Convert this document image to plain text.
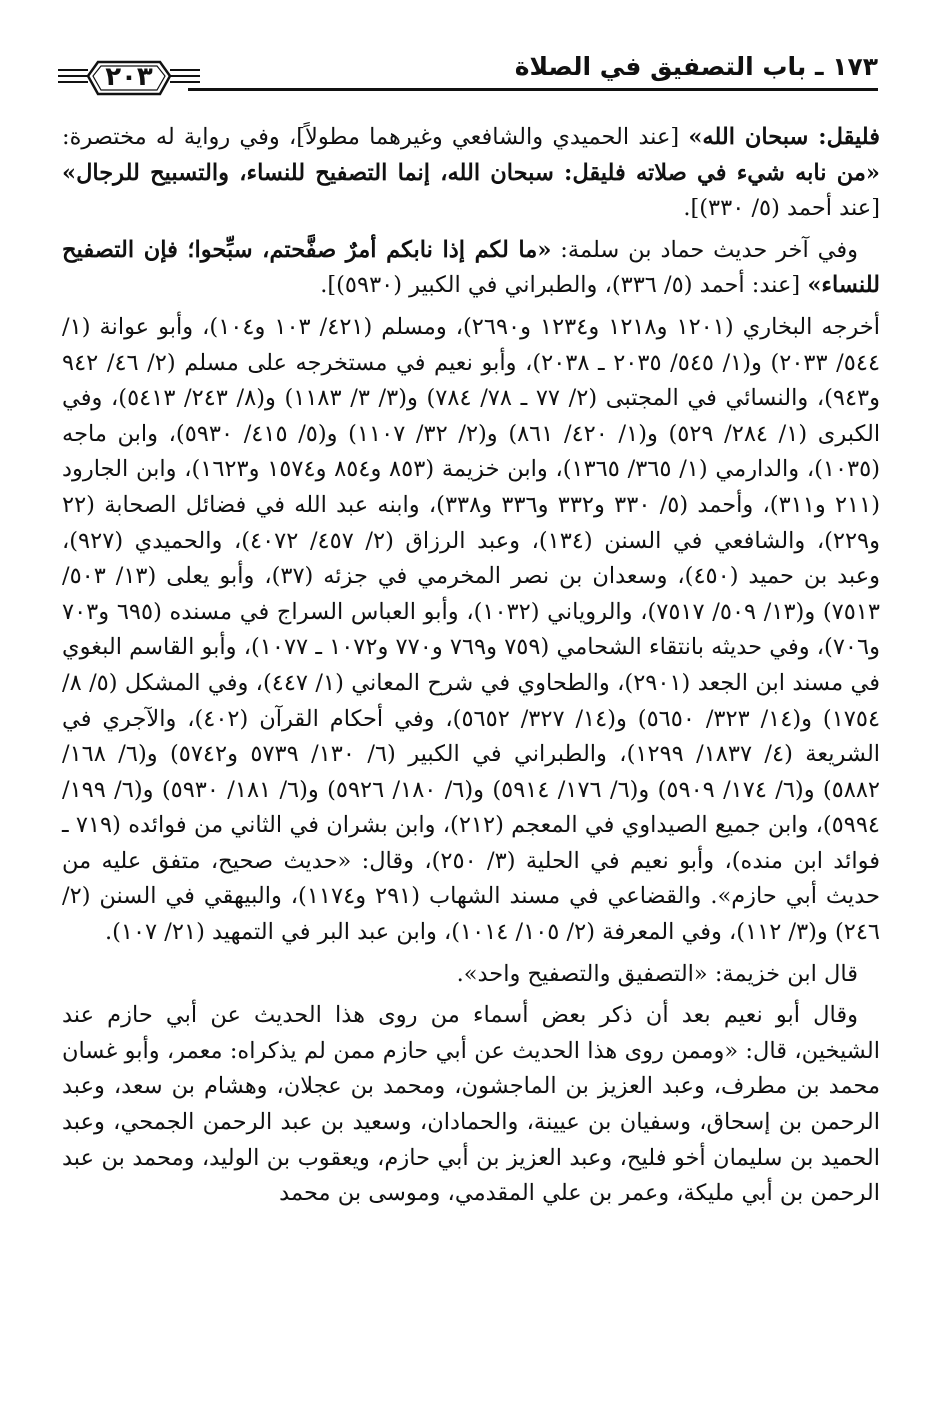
٢٠٣	١٧٣ ـ باب التصفيق في الصلاة

فليقل: سبحان الله» [عند الحميدي والشافعي وغيرهما مطولاً]، وفي رواية له مختصرة: «من نابه شيء في صلاته فليقل: سبحان الله، إنما التصفيح للنساء، والتسبيح للرجال» [عند أحمد (٥/ ٣٣٠)].

وفي آخر حديث حماد بن سلمة: «ما لكم إذا نابكم أمرٌ صفَّحتم، سبِّحوا؛ فإن التصفيح للنساء» [عند: أحمد (٥/ ٣٣٦)، والطبراني في الكبير (٥٩٣٠)].

أخرجه البخاري (١٢٠١ و١٢١٨ و١٢٣٤ و٢٦٩٠)، ومسلم (٤٢١/ ١٠٣ و١٠٤)، وأبو عوانة (١/ ٥٤٤/ ٢٠٣٣) و(١/ ٥٤٥/ ٢٠٣٥ ـ ٢٠٣٨)، وأبو نعيم في مستخرجه على مسلم (٢/ ٤٦/ ٩٤٢ و٩٤٣)، والنسائي في المجتبى (٢/ ٧٧ ـ ٧٨/ ٧٨٤) و(٣/ ٣/ ١١٨٣) و(٨/ ٢٤٣/ ٥٤١٣)، وفي الكبرى (١/ ٢٨٤/ ٥٢٩) و(١/ ٤٢٠/ ٨٦١) و(٢/ ٣٢/ ١١٠٧) و(٥/ ٤١٥/ ٥٩٣٠)، وابن ماجه (١٠٣٥)، والدارمي (١/ ٣٦٥/ ١٣٦٥)، وابن خزيمة (٨٥٣ و٨٥٤ و١٥٧٤ و١٦٢٣)، وابن الجارود (٢١١ و٣١١)، وأحمد (٥/ ٣٣٠ و٣٣٢ و٣٣٦ و٣٣٨)، وابنه عبد الله في فضائل الصحابة (٢٢ و٢٢٩)، والشافعي في السنن (١٣٤)، وعبد الرزاق (٢/ ٤٥٧/ ٤٠٧٢)، والحميدي (٩٢٧)، وعبد بن حميد (٤٥٠)، وسعدان بن نصر المخرمي في جزئه (٣٧)، وأبو يعلى (١٣/ ٥٠٣/ ٧٥١٣) و(١٣/ ٥٠٩/ ٧٥١٧)، والروياني (١٠٣٢)، وأبو العباس السراج في مسنده (٦٩٥ و٧٠٣ و٧٠٦)، وفي حديثه بانتقاء الشحامي (٧٥٩ و٧٦٩ و٧٧٠ و١٠٧٢ ـ ١٠٧٧)، وأبو القاسم البغوي في مسند ابن الجعد (٢٩٠١)، والطحاوي في شرح المعاني (١/ ٤٤٧)، وفي المشكل (٥/ ٨/ ١٧٥٤) و(١٤/ ٣٢٣/ ٥٦٥٠) و(١٤/ ٣٢٧/ ٥٦٥٢)، وفي أحكام القرآن (٤٠٢)، والآجري في الشريعة (٤/ ١٨٣٧/ ١٢٩٩)، والطبراني في الكبير (٦/ ١٣٠/ ٥٧٣٩ و٥٧٤٢) و(٦/ ١٦٨/ ٥٨٨٢) و(٦/ ١٧٤/ ٥٩٠٩) و(٦/ ١٧٦/ ٥٩١٤) و(٦/ ١٨٠/ ٥٩٢٦) و(٦/ ١٨١/ ٥٩٣٠) و(٦/ ١٩٩/ ٥٩٩٤)، وابن جميع الصيداوي في المعجم (٢١٢)، وابن بشران في الثاني من فوائده (٧١٩ ـ فوائد ابن منده)، وأبو نعيم في الحلية (٣/ ٢٥٠)، وقال: «حديث صحيح، متفق عليه من حديث أبي حازم». والقضاعي في مسند الشهاب (٢٩١ و١١٧٤)، والبيهقي في السنن (٢/ ٢٤٦) و(٣/ ١١٢)، وفي المعرفة (٢/ ١٠٥/ ١٠١٤)، وابن عبد البر في التمهيد (٢١/ ١٠٧).

قال ابن خزيمة: «التصفيق والتصفيح واحد».

وقال أبو نعيم بعد أن ذكر بعض أسماء من روى هذا الحديث عن أبي حازم عند الشيخين، قال: «وممن روى هذا الحديث عن أبي حازم ممن لم يذكراه: معمر، وأبو غسان محمد بن مطرف، وعبد العزيز بن الماجشون، ومحمد بن عجلان، وهشام بن سعد، وعبد الرحمن بن إسحاق، وسفيان بن عيينة، والحمادان، وسعيد بن عبد الرحمن الجمحي، وعبد الحميد بن سليمان أخو فليح، وعبد العزيز بن أبي حازم، ويعقوب بن الوليد، ومحمد بن عبد الرحمن بن أبي مليكة، وعمر بن علي المقدمي، وموسى بن محمد
